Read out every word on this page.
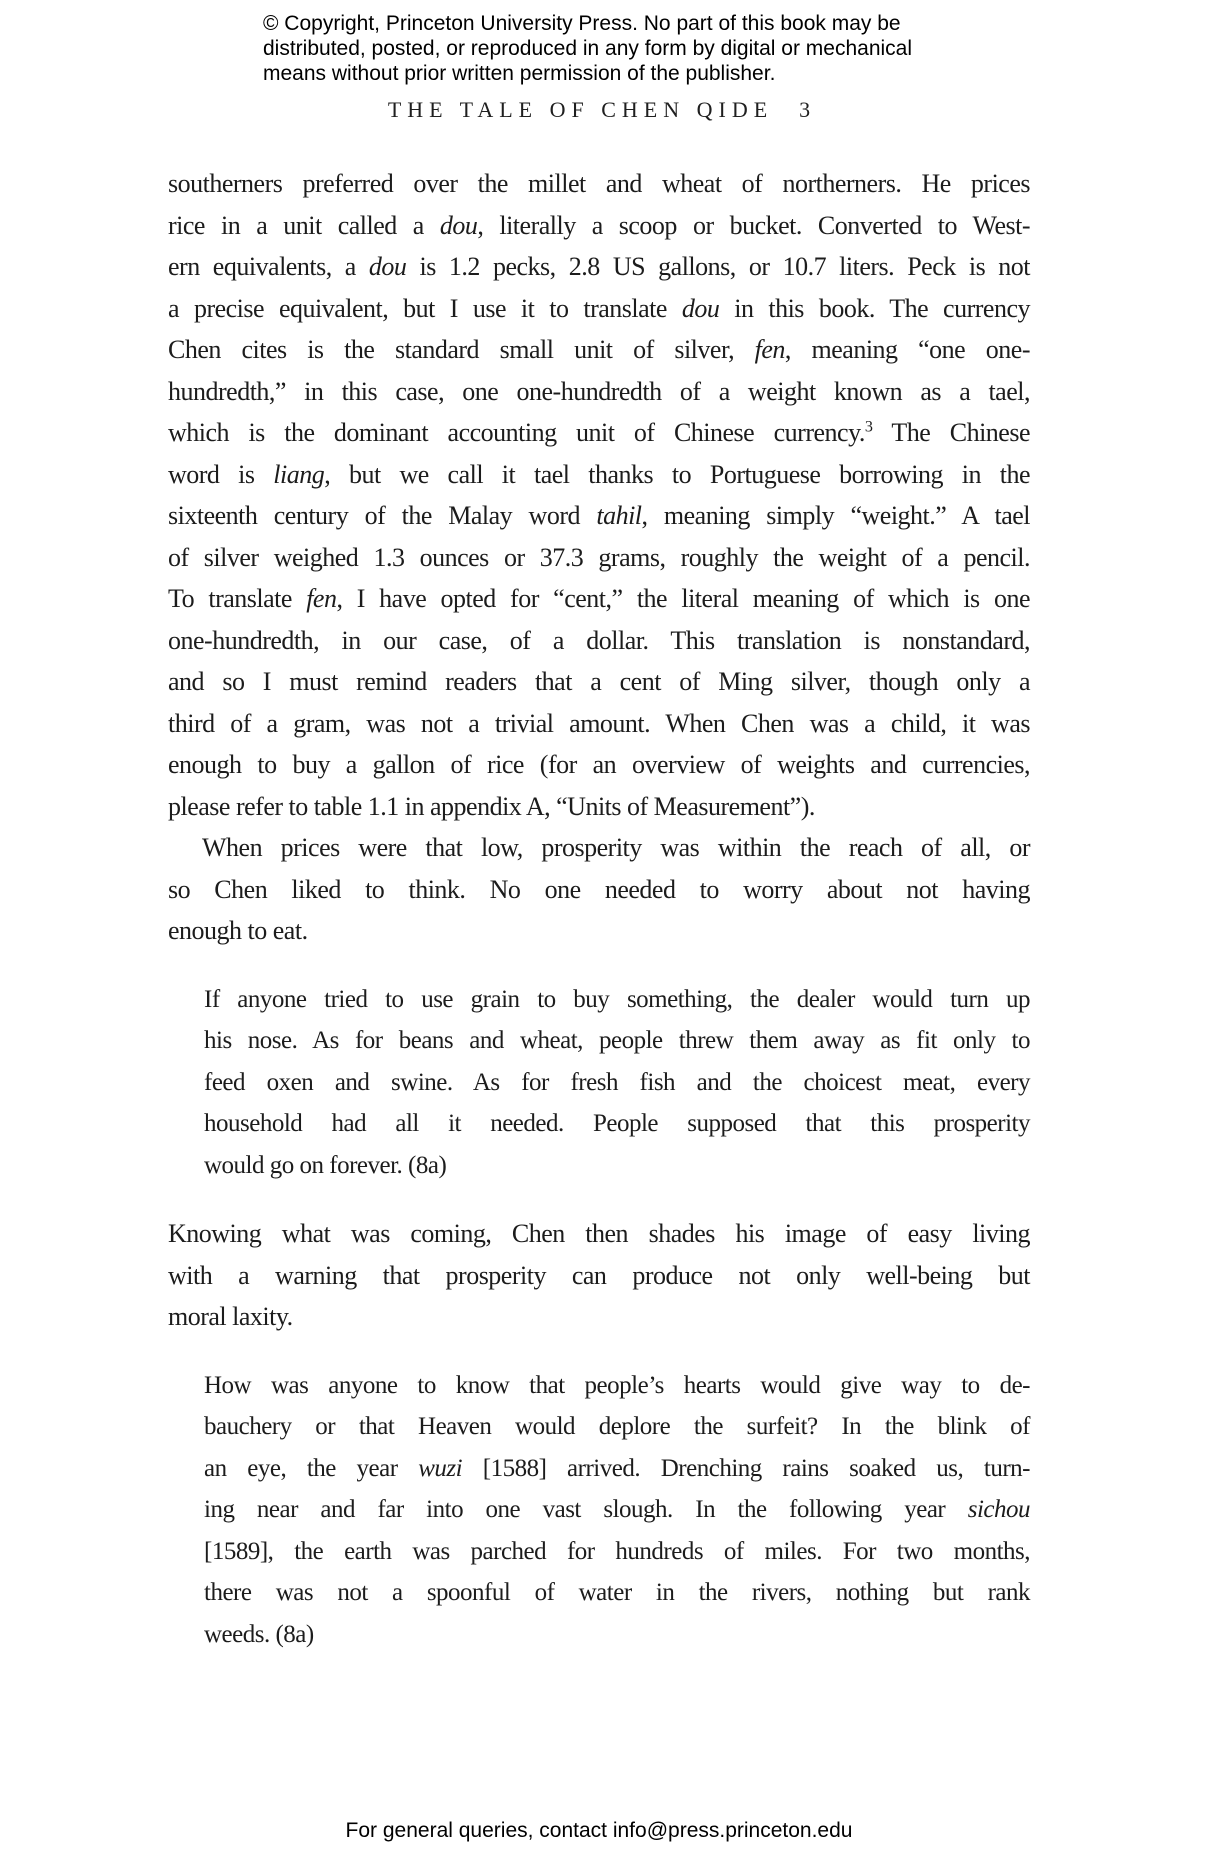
© Copyright, Princeton University Press. No part of this book may be
distributed, posted, or reproduced in any form by digital or mechanical
means without prior written permission of the publisher.
THE TALE OF CHEN QIDE 3
southerners preferred over the millet and wheat of northerners. He prices
rice in a unit called a dou, literally a scoop or bucket. Converted to West-
ern equivalents, a dou is 1.2 pecks, 2.8 US gallons, or 10.7 liters. Peck is not
a precise equivalent, but I use it to translate dou in this book. The currency
Chen cites is the standard small unit of silver, fen, meaning “one one-
hundredth,” in this case, one one-hundredth of a weight known as a tael,
which is the dominant accounting unit of Chinese currency.$^3$ The Chinese
word is liang, but we call it tael thanks to Portuguese borrowing in the
sixteenth century of the Malay word tahil, meaning simply “weight.” A tael
of silver weighed 1.3 ounces or 37.3 grams, roughly the weight of a pencil.
To translate fen, I have opted for “cent,” the literal meaning of which is one
one-hundredth, in our case, of a dollar. This translation is nonstandard,
and so I must remind readers that a cent of Ming silver, though only a
third of a gram, was not a trivial amount. When Chen was a child, it was
enough to buy a gallon of rice (for an overview of weights and currencies,
please refer to table 1.1 in appendix A, “Units of Measurement”).
When prices were that low, prosperity was within the reach of all, or
so Chen liked to think. No one needed to worry about not having
enough to eat.
If anyone tried to use grain to buy something, the dealer would turn up
his nose. As for beans and wheat, people threw them away as fit only to
feed oxen and swine. As for fresh fish and the choicest meat, every
household had all it needed. People supposed that this prosperity
would go on forever. (8a)
Knowing what was coming, Chen then shades his image of easy living
with a warning that prosperity can produce not only well-being but
moral laxity.
How was anyone to know that people’s hearts would give way to de-
bauchery or that Heaven would deplore the surfeit? In the blink of
an eye, the year wuzi [1588] arrived. Drenching rains soaked us, turn-
ing near and far into one vast slough. In the following year sichou
[1589], the earth was parched for hundreds of miles. For two months,
there was not a spoonful of water in the rivers, nothing but rank
weeds. (8a)
For general queries, contact info@press.princeton.edu
